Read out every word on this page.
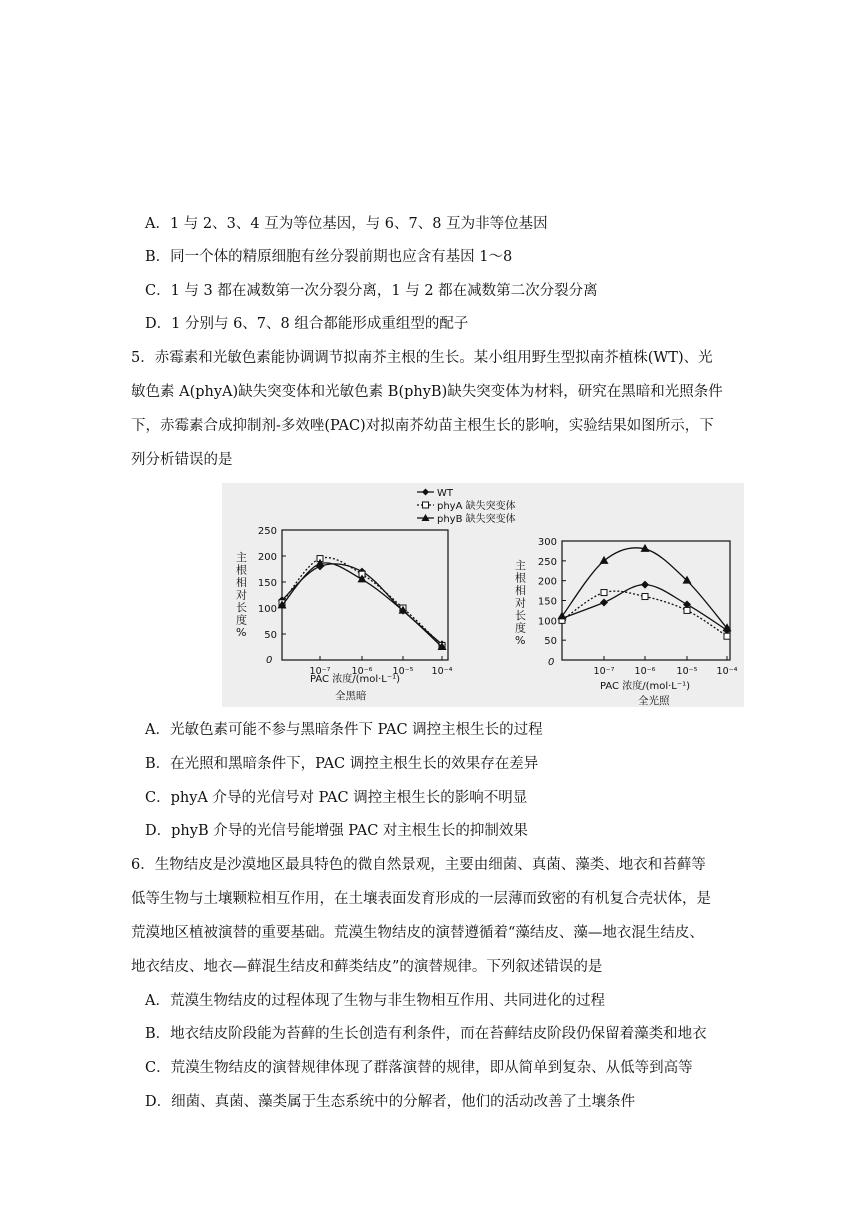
A．1 与 2、3、4 互为等位基因，与 6、7、8 互为非等位基因
B．同一个体的精原细胞有丝分裂前期也应含有基因 1～8
C．1 与 3 都在减数第一次分裂分离，1 与 2 都在减数第二次分裂分离
D．1 分别与 6、7、8 组合都能形成重组型的配子
5．赤霉素和光敏色素能协调调节拟南芥主根的生长。某小组用野生型拟南芥植株(WT)、光
敏色素 A(phyA)缺失突变体和光敏色素 B(phyB)缺失突变体为材料，研究在黑暗和光照条件
下，赤霉素合成抑制剂-多效唑(PAC)对拟南芥幼苗主根生长的影响，实验结果如图所示，下
列分析错误的是
WT
phyA 缺失突变体
phyB 缺失突变体
主根相对长度%
主根相对长度%
PAC 浓度/(mol·L⁻¹)
全黑暗
PAC 浓度/(mol·L⁻¹)
全光照
0	0
250
200
150
100
50
10⁻⁷ 10⁻⁶ 10⁻⁵ 10⁻⁴
300
250
200
150
100
50
10⁻⁷ 10⁻⁶ 10⁻⁵ 10⁻⁴
A．光敏色素可能不参与黑暗条件下 PAC 调控主根生长的过程
B．在光照和黑暗条件下，PAC 调控主根生长的效果存在差异
C．phyA 介导的光信号对 PAC 调控主根生长的影响不明显
D．phyB 介导的光信号能增强 PAC 对主根生长的抑制效果
6．生物结皮是沙漠地区最具特色的微自然景观，主要由细菌、真菌、藻类、地衣和苔藓等
低等生物与土壤颗粒相互作用，在土壤表面发育形成的一层薄而致密的有机复合壳状体，是
荒漠地区植被演替的重要基础。荒漠生物结皮的演替遵循着“藻结皮、藻—地衣混生结皮、
地衣结皮、地衣—藓混生结皮和藓类结皮”的演替规律。下列叙述错误的是
A．荒漠生物结皮的过程体现了生物与非生物相互作用、共同进化的过程
B．地衣结皮阶段能为苔藓的生长创造有利条件，而在苔藓结皮阶段仍保留着藻类和地衣
C．荒漠生物结皮的演替规律体现了群落演替的规律，即从简单到复杂、从低等到高等
D．细菌、真菌、藻类属于生态系统中的分解者，他们的活动改善了土壤条件
